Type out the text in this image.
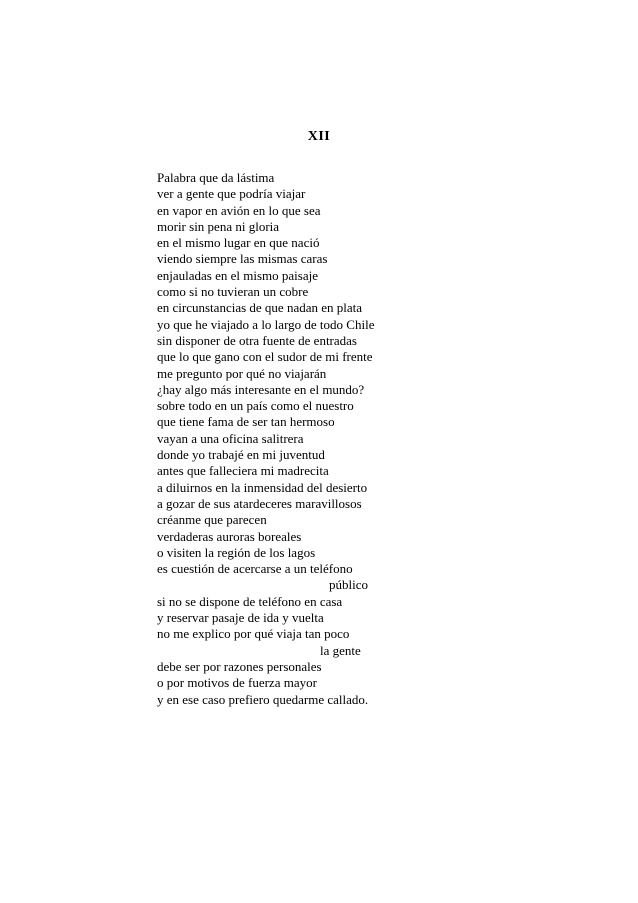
XII
Palabra que da lástima
ver a gente que podría viajar
en vapor en avión en lo que sea
morir sin pena ni gloria
en el mismo lugar en que nació
viendo siempre las mismas caras
enjauladas en el mismo paisaje
como si no tuvieran un cobre
en circunstancias de que nadan en plata
yo que he viajado a lo largo de todo Chile
sin disponer de otra fuente de entradas
que lo que gano con el sudor de mi frente
me pregunto por qué no viajarán
¿hay algo más interesante en el mundo?
sobre todo en un país como el nuestro
que tiene fama de ser tan hermoso
vayan a una oficina salitrera
donde yo trabajé en mi juventud
antes que falleciera mi madrecita
a diluirnos en la inmensidad del desierto
a gozar de sus atardeceres maravillosos
créanme que parecen
verdaderas auroras boreales
o visiten la región de los lagos
es cuestión de acercarse a un teléfono
público
si no se dispone de teléfono en casa
y reservar pasaje de ida y vuelta
no me explico por qué viaja tan poco
la gente
debe ser por razones personales
o por motivos de fuerza mayor
y en ese caso prefiero quedarme callado.
